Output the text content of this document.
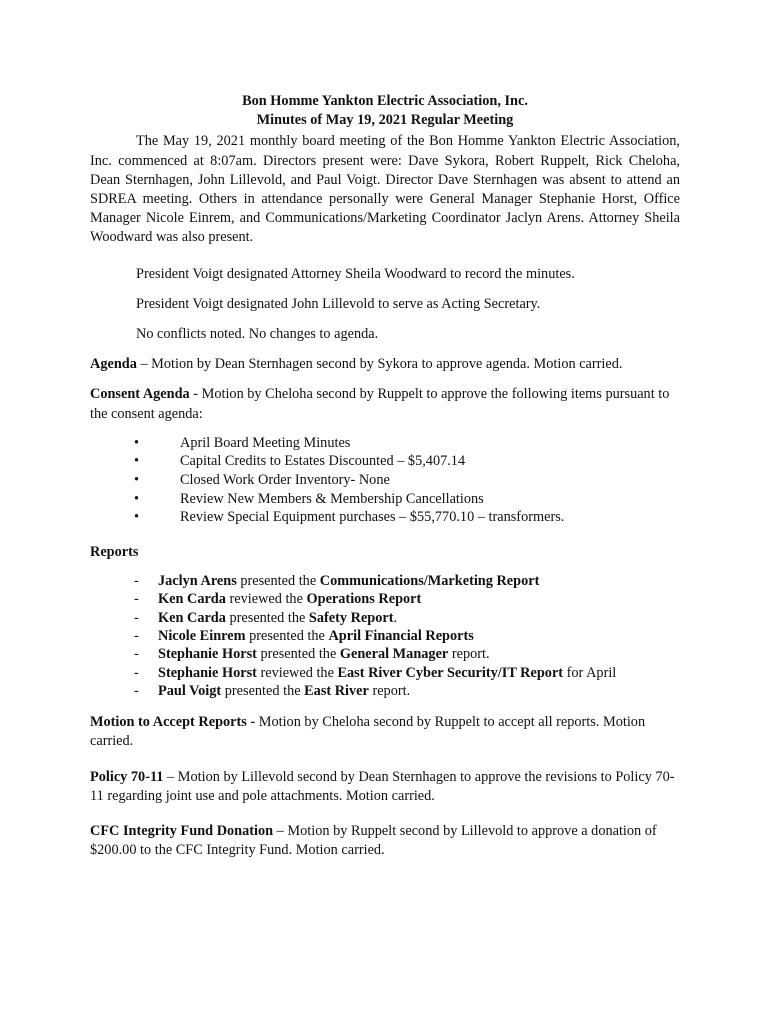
Bon Homme Yankton Electric Association, Inc.

Minutes of May 19, 2021 Regular Meeting

The May 19, 2021 monthly board meeting of the Bon Homme Yankton Electric Association, Inc. commenced at 8:07am. Directors present were: Dave Sykora, Robert Ruppelt, Rick Cheloha, Dean Sternhagen, John Lillevold, and Paul Voigt. Director Dave Sternhagen was absent to attend an SDREA meeting. Others in attendance personally were General Manager Stephanie Horst, Office Manager Nicole Einrem, and Communications/Marketing Coordinator Jaclyn Arens. Attorney Sheila Woodward was also present.

President Voigt designated Attorney Sheila Woodward to record the minutes.

President Voigt designated John Lillevold to serve as Acting Secretary.

No conflicts noted. No changes to agenda.

Agenda – Motion by Dean Sternhagen second by Sykora to approve agenda. Motion carried.

Consent Agenda - Motion by Cheloha second by Ruppelt to approve the following items pursuant to the consent agenda:

•	April Board Meeting Minutes
•	Capital Credits to Estates Discounted – $5,407.14
•	Closed Work Order Inventory- None
•	Review New Members & Membership Cancellations
•	Review Special Equipment purchases – $55,770.10 – transformers.

Reports

- Jaclyn Arens presented the Communications/Marketing Report
- Ken Carda reviewed the Operations Report
- Ken Carda presented the Safety Report.
- Nicole Einrem presented the April Financial Reports
- Stephanie Horst presented the General Manager report.
- Stephanie Horst reviewed the East River Cyber Security/IT Report for April
- Paul Voigt presented the East River report.

Motion to Accept Reports - Motion by Cheloha second by Ruppelt to accept all reports. Motion carried.

Policy 70-11 – Motion by Lillevold second by Dean Sternhagen to approve the revisions to Policy 70-11 regarding joint use and pole attachments. Motion carried.

CFC Integrity Fund Donation – Motion by Ruppelt second by Lillevold to approve a donation of $200.00 to the CFC Integrity Fund. Motion carried.
